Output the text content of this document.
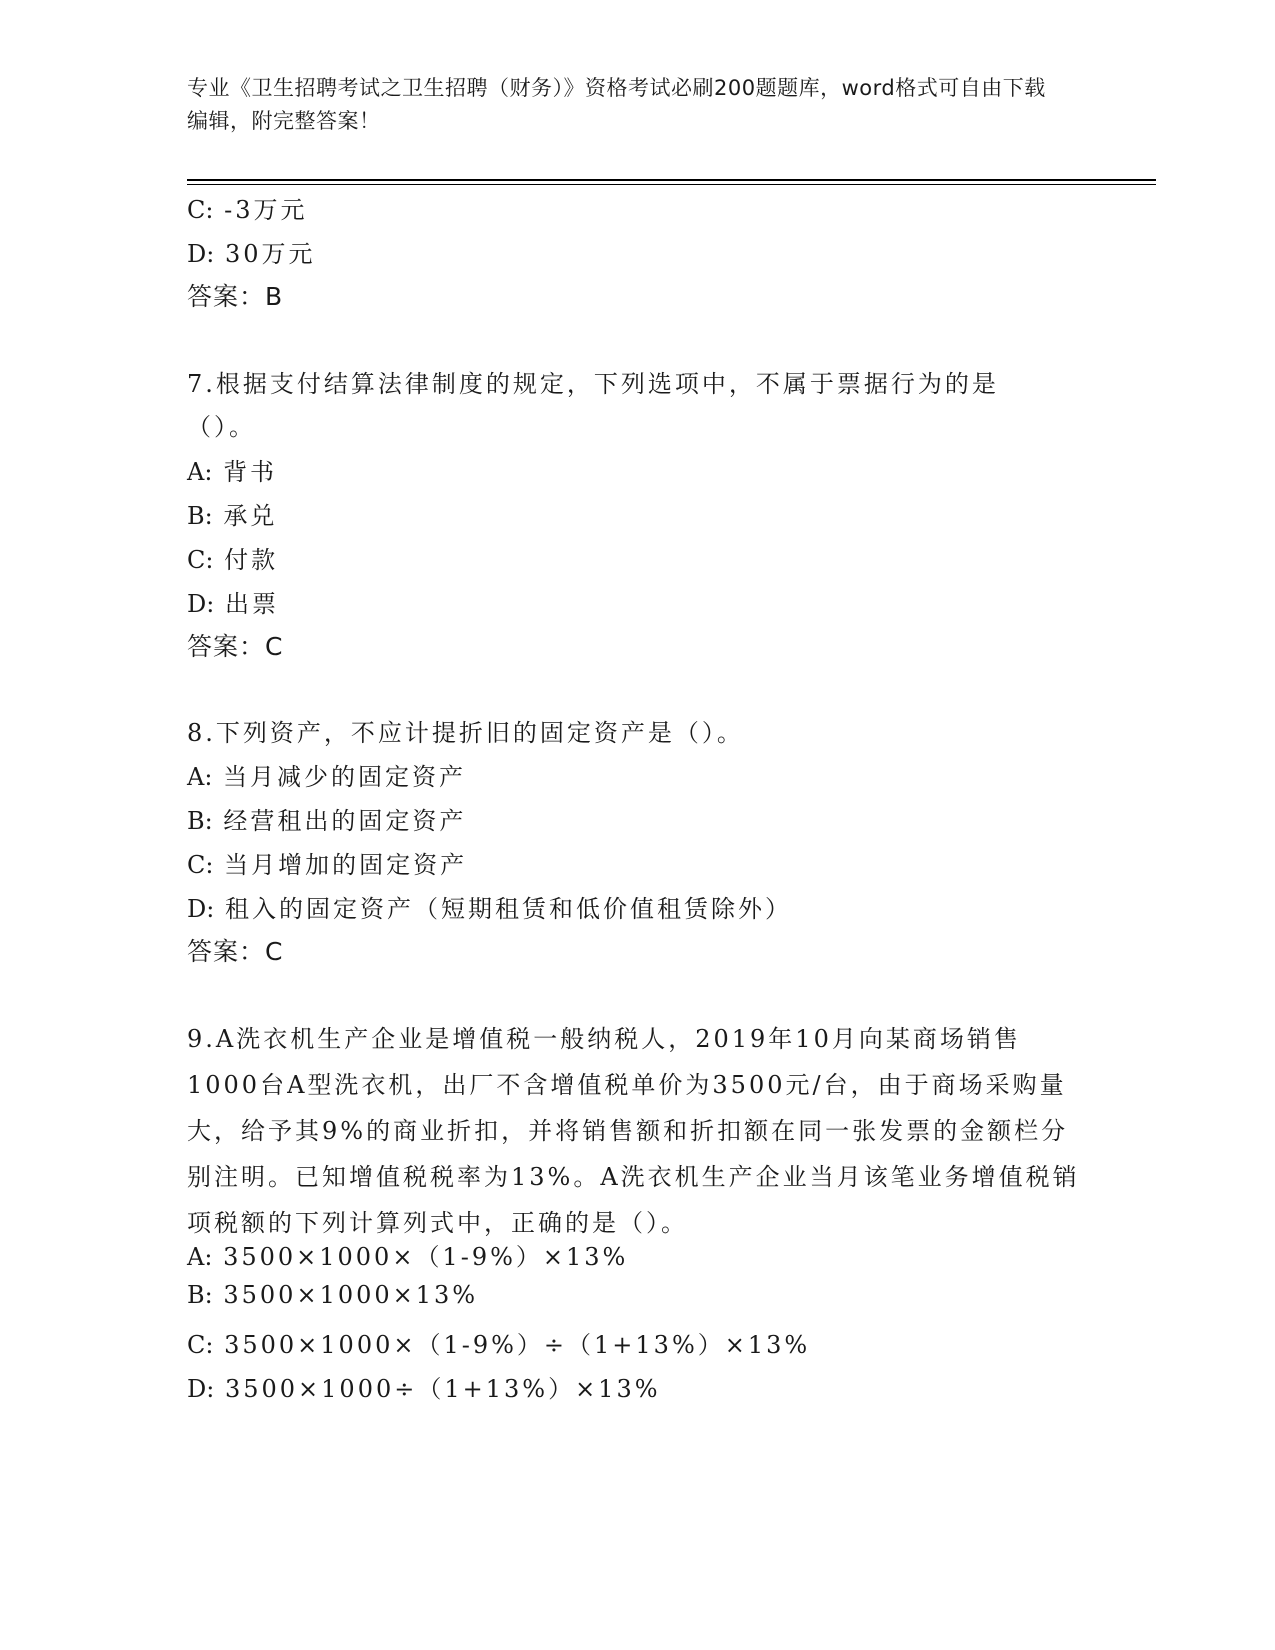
专业《卫生招聘考试之卫生招聘（财务）》资格考试必刷200题题库，word格式可自由下载编辑，附完整答案！
C: -3万元
D: 30万元
答案：B
7.根据支付结算法律制度的规定，下列选项中，不属于票据行为的是
（）。
A: 背书
B: 承兑
C: 付款
D: 出票
答案：C
8.下列资产，不应计提折旧的固定资产是（）。
A: 当月减少的固定资产
B: 经营租出的固定资产
C: 当月增加的固定资产
D: 租入的固定资产（短期租赁和低价值租赁除外）
答案：C
9.A洗衣机生产企业是增值税一般纳税人，2019年10月向某商场销售1000台A型洗衣机，出厂不含增值税单价为3500元/台，由于商场采购量大，给予其9%的商业折扣，并将销售额和折扣额在同一张发票的金额栏分别注明。已知增值税税率为13%。A洗衣机生产企业当月该笔业务增值税销项税额的下列计算列式中，正确的是（）。
A: 3500×1000×（1-9%）×13%
B: 3500×1000×13%
C: 3500×1000×（1-9%）÷（1+13%）×13%
D: 3500×1000÷（1+13%）×13%
